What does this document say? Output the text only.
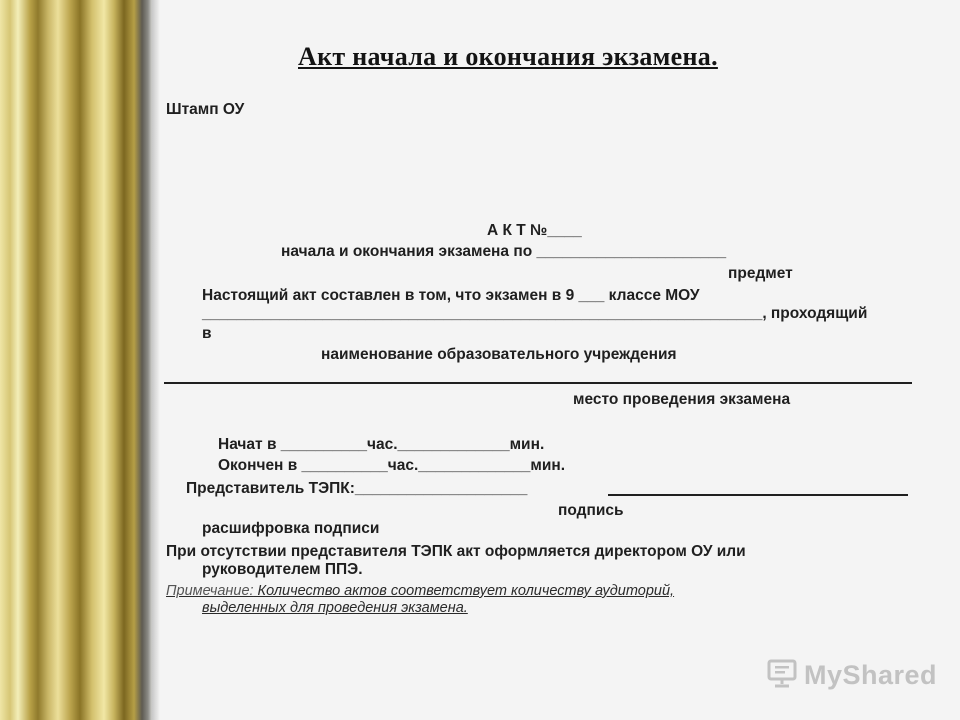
Акт начала и окончания экзамена.
Штамп ОУ
А К Т №____
начала и окончания экзамена по ______________________
предмет
Настоящий акт составлен в том, что экзамен в 9 ___ классе МОУ
_________________________________________________________________, проходящий
в
наименование образовательного учреждения
место проведения экзамена
Начат в __________час._____________мин.
Окончен в __________час._____________мин.
Представитель ТЭПК:____________________
подпись
расшифровка подписи
При отсутствии представителя ТЭПК акт оформляется директором ОУ или
руководителем ППЭ.
Примечание: Количество актов соответствует количеству аудиторий,
выделенных для проведения экзамена.
MyShared
